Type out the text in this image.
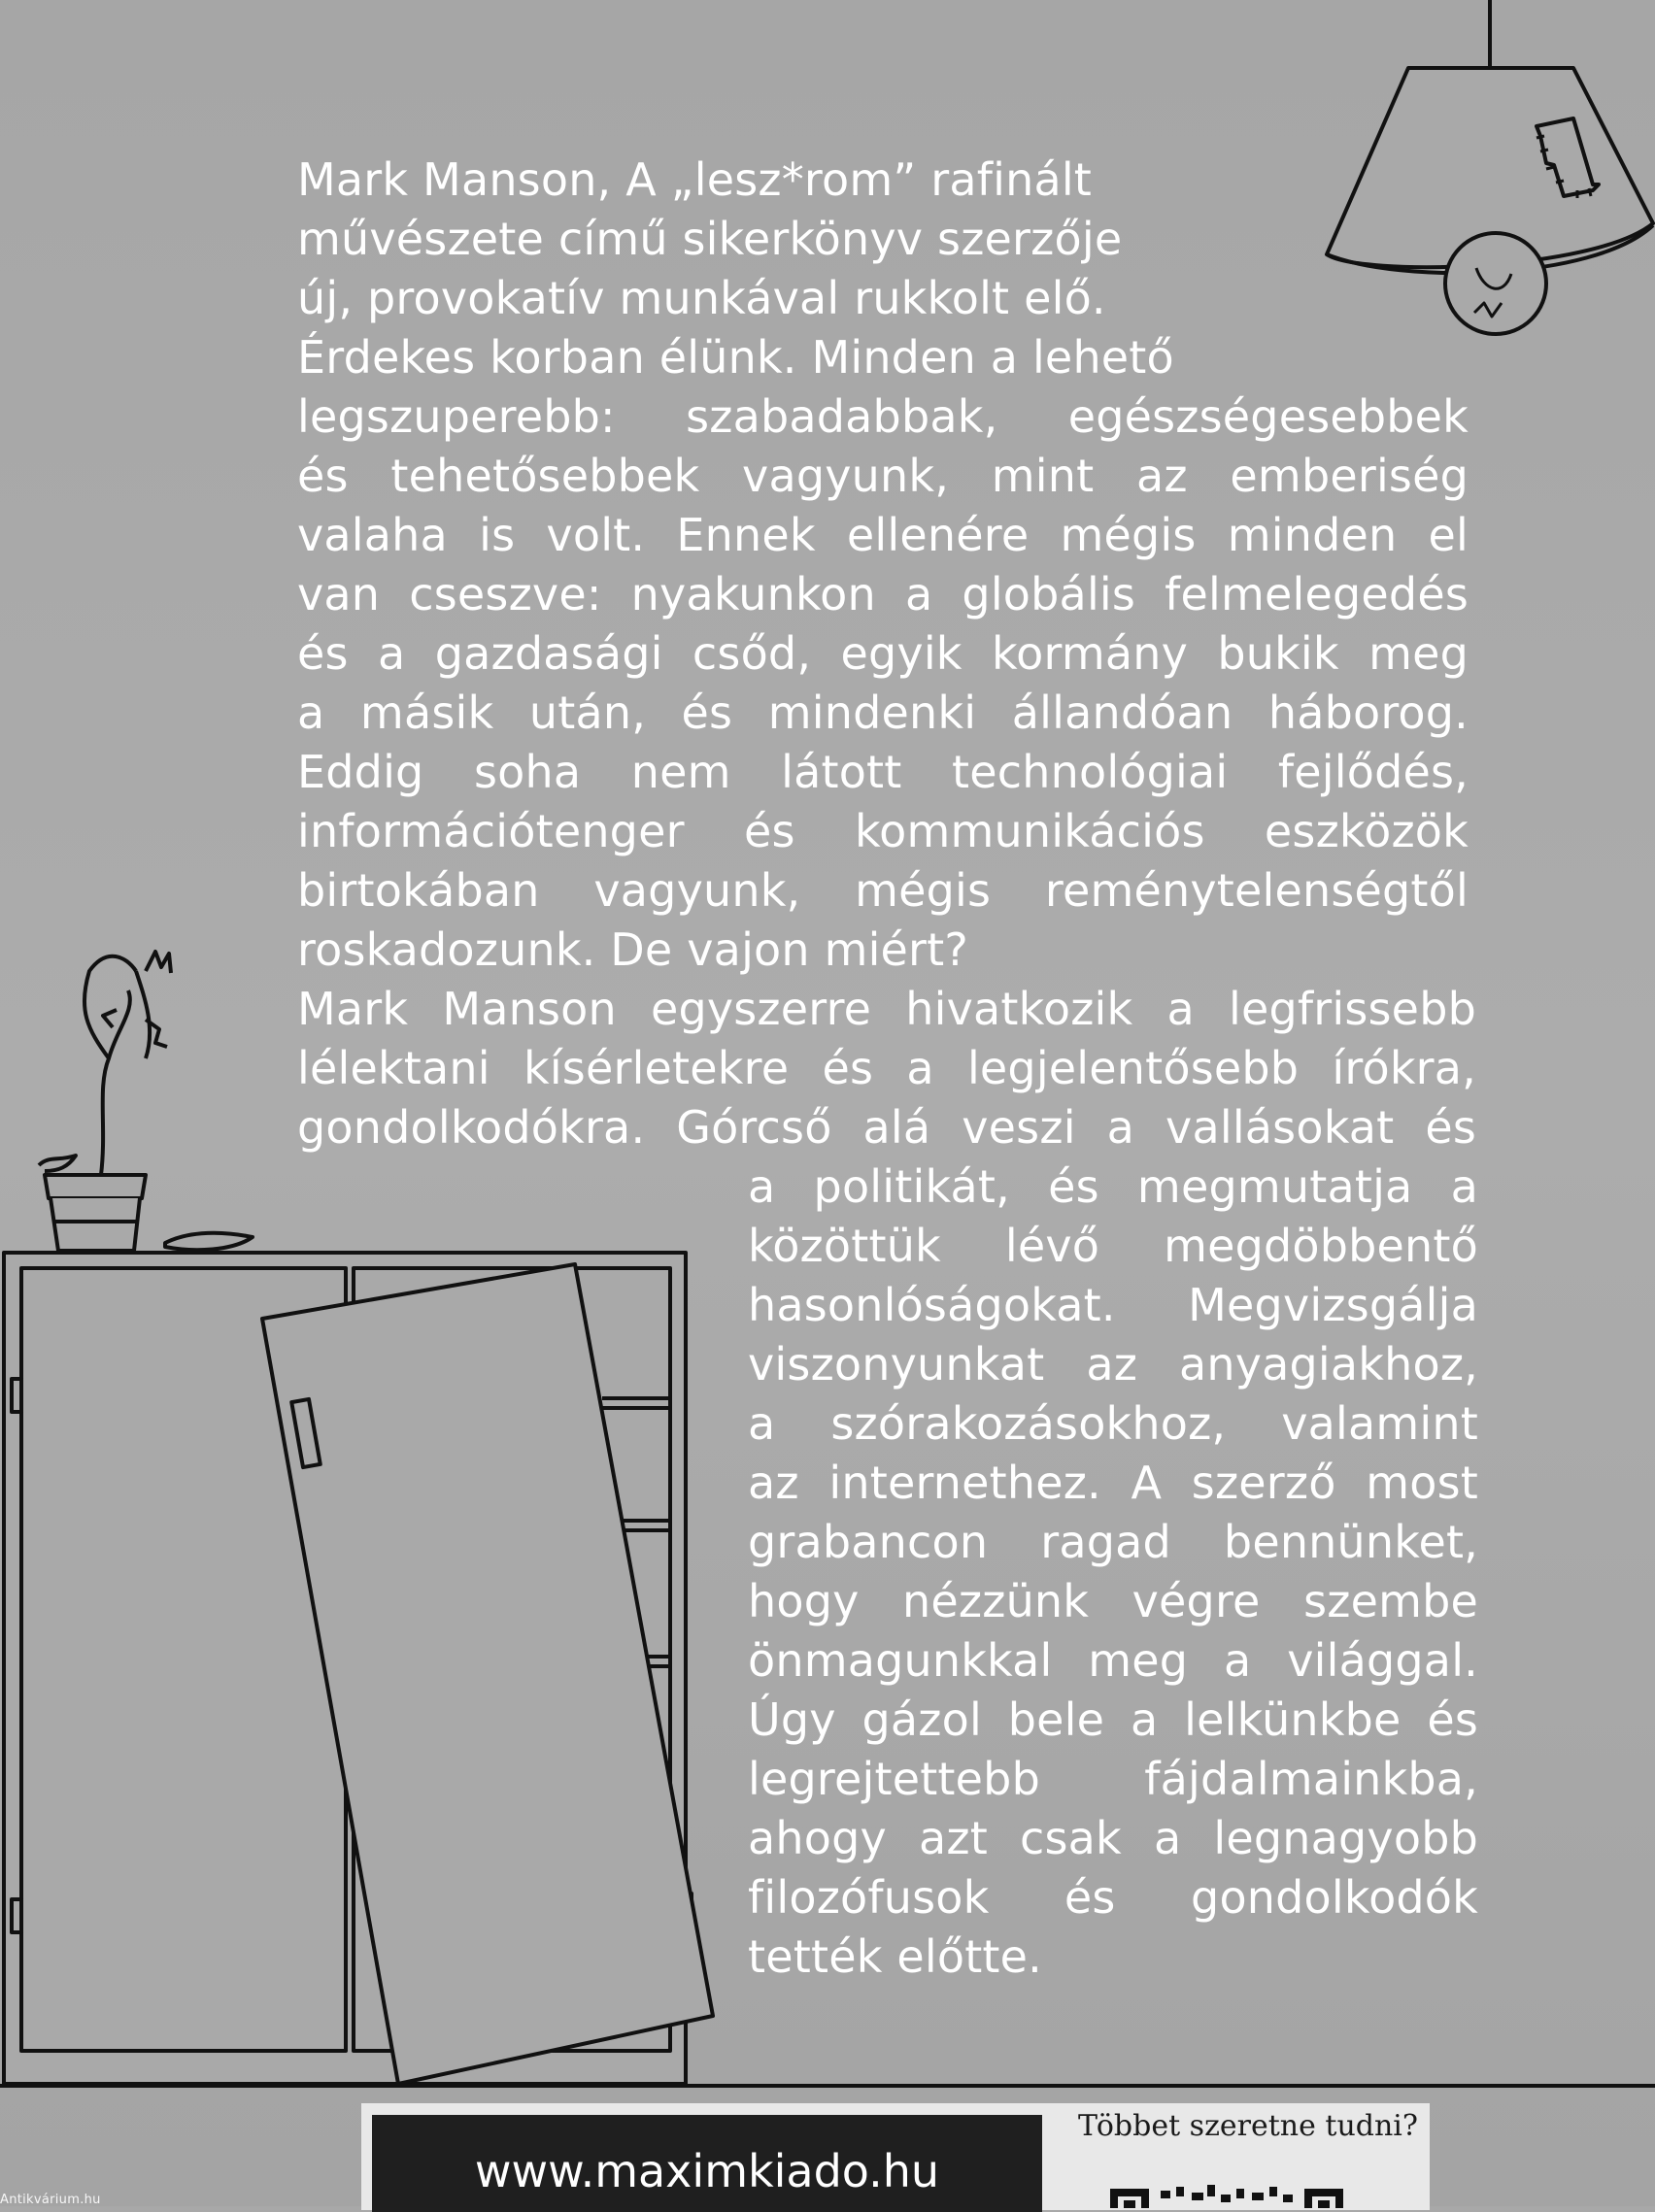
Mark Manson, A „lesz*rom” rafinált
művészete című sikerkönyv szerzője
új, provokatív munkával rukkolt elő.
Érdekes korban élünk. Minden a lehető
legszuperebb: szabadabbak, egészségesebbek
és tehetősebbek vagyunk, mint az emberiség
valaha is volt. Ennek ellenére mégis minden el
van cseszve: nyakunkon a globális felmelegedés
és a gazdasági csőd, egyik kormány bukik meg
a másik után, és mindenki állandóan háborog.
Eddig soha nem látott technológiai fejlődés,
információtenger és kommunikációs eszközök
birtokában vagyunk, mégis reménytelenségtől
roskadozunk. De vajon miért?
Mark Manson egyszerre hivatkozik a legfrissebb
lélektani kísérletekre és a legjelentősebb írókra,
gondolkodókra. Górcső alá veszi a vallásokat és
a politikát, és megmutatja a
közöttük lévő megdöbbentő
hasonlóságokat. Megvizsgálja
viszonyunkat az anyagiakhoz,
a szórakozásokhoz, valamint
az internethez. A szerző most
grabancon ragad bennünket,
hogy nézzünk végre szembe
önmagunkkal meg a világgal.
Úgy gázol bele a lelkünkbe és
legrejtettebb fájdalmainkba,
ahogy azt csak a legnagyobb
filozófusok és gondolkodók
tették előtte.
www.maximkiado.hu
Többet szeretne tudni?
Antikvárium.hu
